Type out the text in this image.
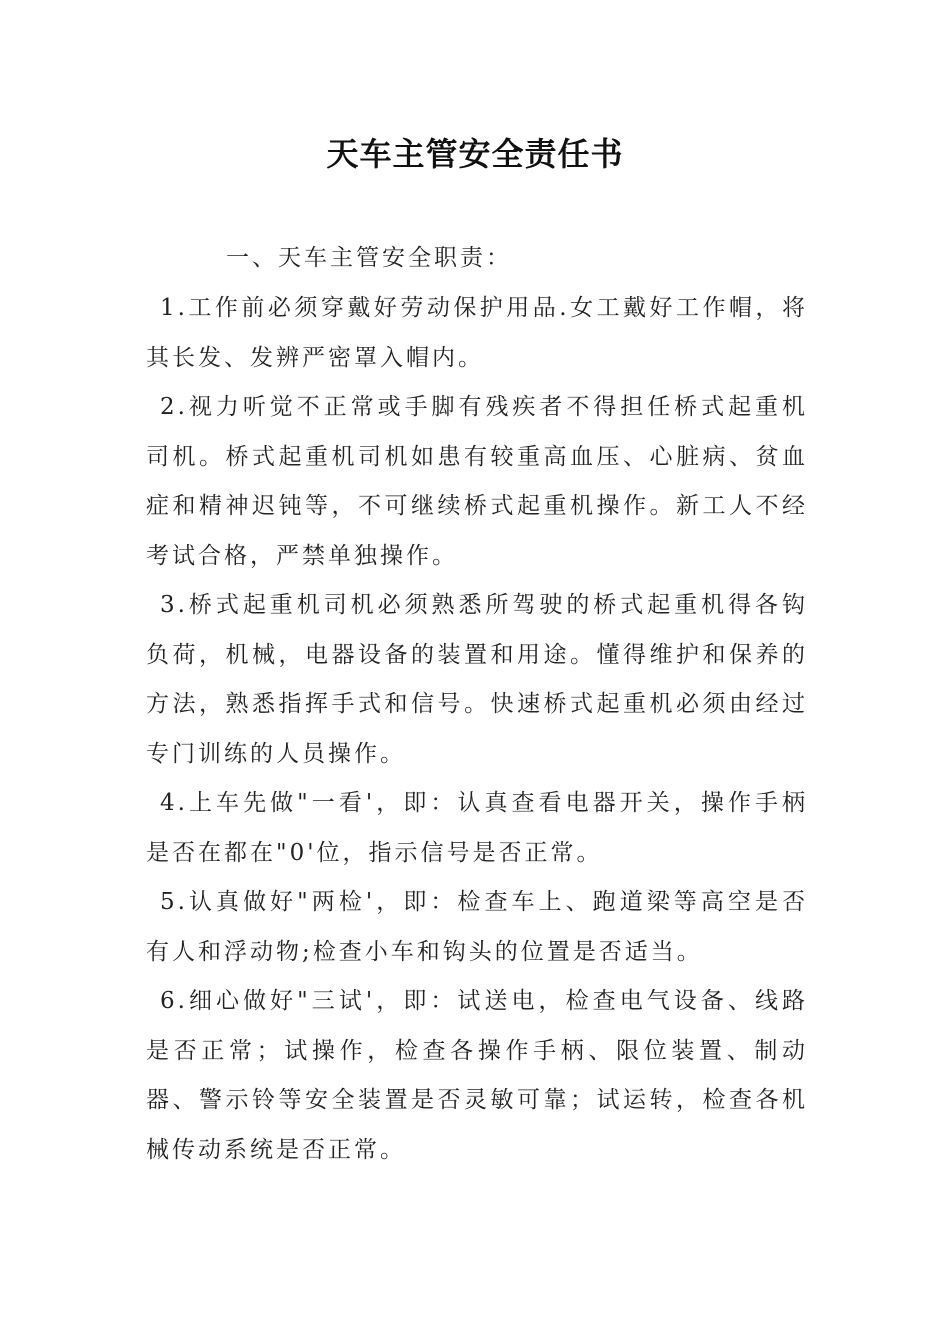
天车主管安全责任书
一、天车主管安全职责：

1.工作前必须穿戴好劳动保护用品.女工戴好工作帽，将其长发、发辨严密罩入帽内。

2.视力听觉不正常或手脚有残疾者不得担任桥式起重机司机。桥式起重机司机如患有较重高血压、心脏病、贫血症和精神迟钝等，不可继续桥式起重机操作。新工人不经考试合格，严禁单独操作。

3.桥式起重机司机必须熟悉所驾驶的桥式起重机得各钩负荷，机械，电器设备的装置和用途。懂得维护和保养的方法，熟悉指挥手式和信号。快速桥式起重机必须由经过专门训练的人员操作。

4.上车先做"一看'，即：认真查看电器开关，操作手柄是否在都在"0'位，指示信号是否正常。

5.认真做好"两检'，即：检查车上、跑道梁等高空是否有人和浮动物;检查小车和钩头的位置是否适当。

6.细心做好"三试'，即：试送电，检查电气设备、线路是否正常；试操作，检查各操作手柄、限位装置、制动器、警示铃等安全装置是否灵敏可靠；试运转，检查各机械传动系统是否正常。
